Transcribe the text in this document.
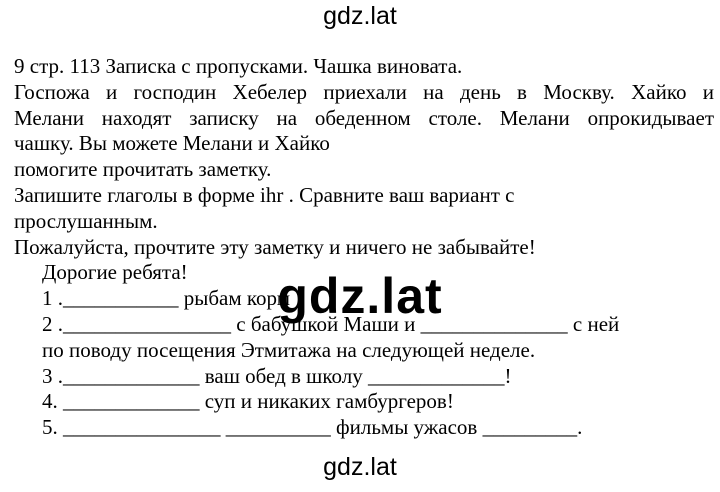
gdz.lat

9 стр. 113 Записка с пропусками. Чашка виновата.

Госпожа и господин Хебелер приехали на день в Москву. Хайко и

Мелани находят записку на обеденном столе. Мелани опрокидывает

чашку. Вы можете Мелани и Хайко

помогите прочитать заметку.

Запишите глаголы в форме ihr . Сравните ваш вариант с

прослушанным.

Пожалуйста, прочтите эту заметку и ничего не забывайте!

Дорогие ребята!

1 .___________ рыбам корм

2 .________________ с бабушкой Маши и ______________ с ней

по поводу посещения Этмитажа на следующей неделе.

3 ._____________ ваш обед в школу _____________!

4. _____________ суп и никаких гамбургеров!

5. _______________ __________ фильмы ужасов _________.

gdz.lat
gdz.lat
